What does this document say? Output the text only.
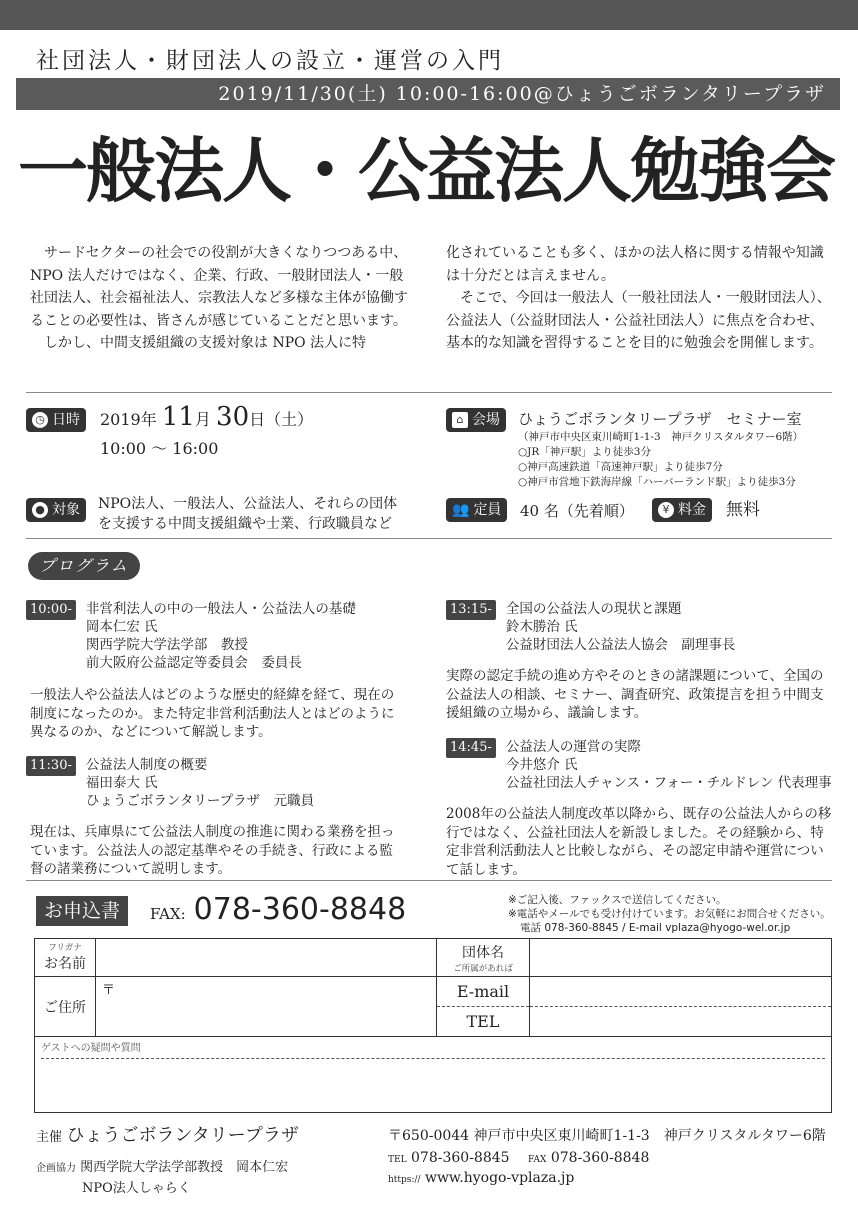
社団法人・財団法人の設立・運営の入門
2019/11/30(土) 10:00-16:00@ひょうごボランタリープラザ
一般法人・公益法人勉強会

サードセクターの社会での役割が大きくなりつつある中、NPO 法人だけではなく、企業、行政、一般財団法人・一般社団法人、社会福祉法人、宗教法人など多様な主体が協働することの必要性は、皆さんが感じていることだと思います。

しかし、中間支援組織の支援対象は NPO 法人に特

化されていることも多く、ほかの法人格に関する情報や知識は十分だとは言えません。

そこで、今回は一般法人（一般社団法人・一般財団法人）、公益法人（公益財団法人・公益社団法人）に焦点を合わせ、基本的な知識を習得することを目的に勉強会を開催します。

◷ 日時 2019年 11月 30日（土）
10:00 ～ 16:00
⌂ 会場 ひょうごボランタリープラザ　セミナー室
（神戸市中央区東川崎町1-1-3　神戸クリスタルタワー6階）
○JR「神戸駅」より徒歩3分
○神戸高速鉄道「高速神戸駅」より徒歩7分
○神戸市営地下鉄海岸線「ハーバーランド駅」より徒歩3分
● 対象 NPO法人、一般法人、公益法人、それらの団体
を支援する中間支援組織や士業、行政職員など
👥 定員 40 名（先着順）	¥ 料金 無料
プログラム
10:00- 非営利法人の中の一般法人・公益法人の基礎
岡本仁宏 氏
関西学院大学法学部　教授
前大阪府公益認定等委員会　委員長
一般法人や公益法人はどのような歴史的経緯を経て、現在の制度になったのか。また特定非営利活動法人とはどのように異なるのか、などについて解説します。
11:30- 公益法人制度の概要
福田泰大 氏
ひょうごボランタリープラザ　元職員
現在は、兵庫県にて公益法人制度の推進に関わる業務を担っています。公益法人の認定基準やその手続き、行政による監督の諸業務について説明します。
13:15- 全国の公益法人の現状と課題
鈴木勝治 氏
公益財団法人公益法人協会　副理事長
実際の認定手続の進め方やそのときの諸課題について、全国の公益法人の相談、セミナー、調査研究、政策提言を担う中間支援組織の立場から、議論します。
14:45- 公益法人の運営の実際
今井悠介 氏
公益社団法人チャンス・フォー・チルドレン 代表理事
2008年の公益法人制度改革以降から、既存の公益法人からの移行ではなく、公益社団法人を新設しました。その経験から、特定非営利活動法人と比較しながら、その認定申請や運営について話します。
お申込書	FAX: 078-360-8848	※ご記入後、ファックスで送信してください。
※電話やメールでも受け付けています。お気軽にお問合せください。
電話 078-360-8845 / E-mail vplaza@hyogo-wel.or.jp
フリガナ
お名前		団体名
ご所属があれば	

ご住所	〒	E-mail	
		TEL	
ゲストへの疑問や質問			
主催 ひょうごボランタリープラザ
企画協力 関西学院大学法学部教授　岡本仁宏
NPO法人しゃらく
〒650-0044 神戸市中央区東川崎町1-1-3　神戸クリスタルタワー6階
TEL 078-360-8845 FAX 078-360-8848
https:// www.hyogo-vplaza.jp
